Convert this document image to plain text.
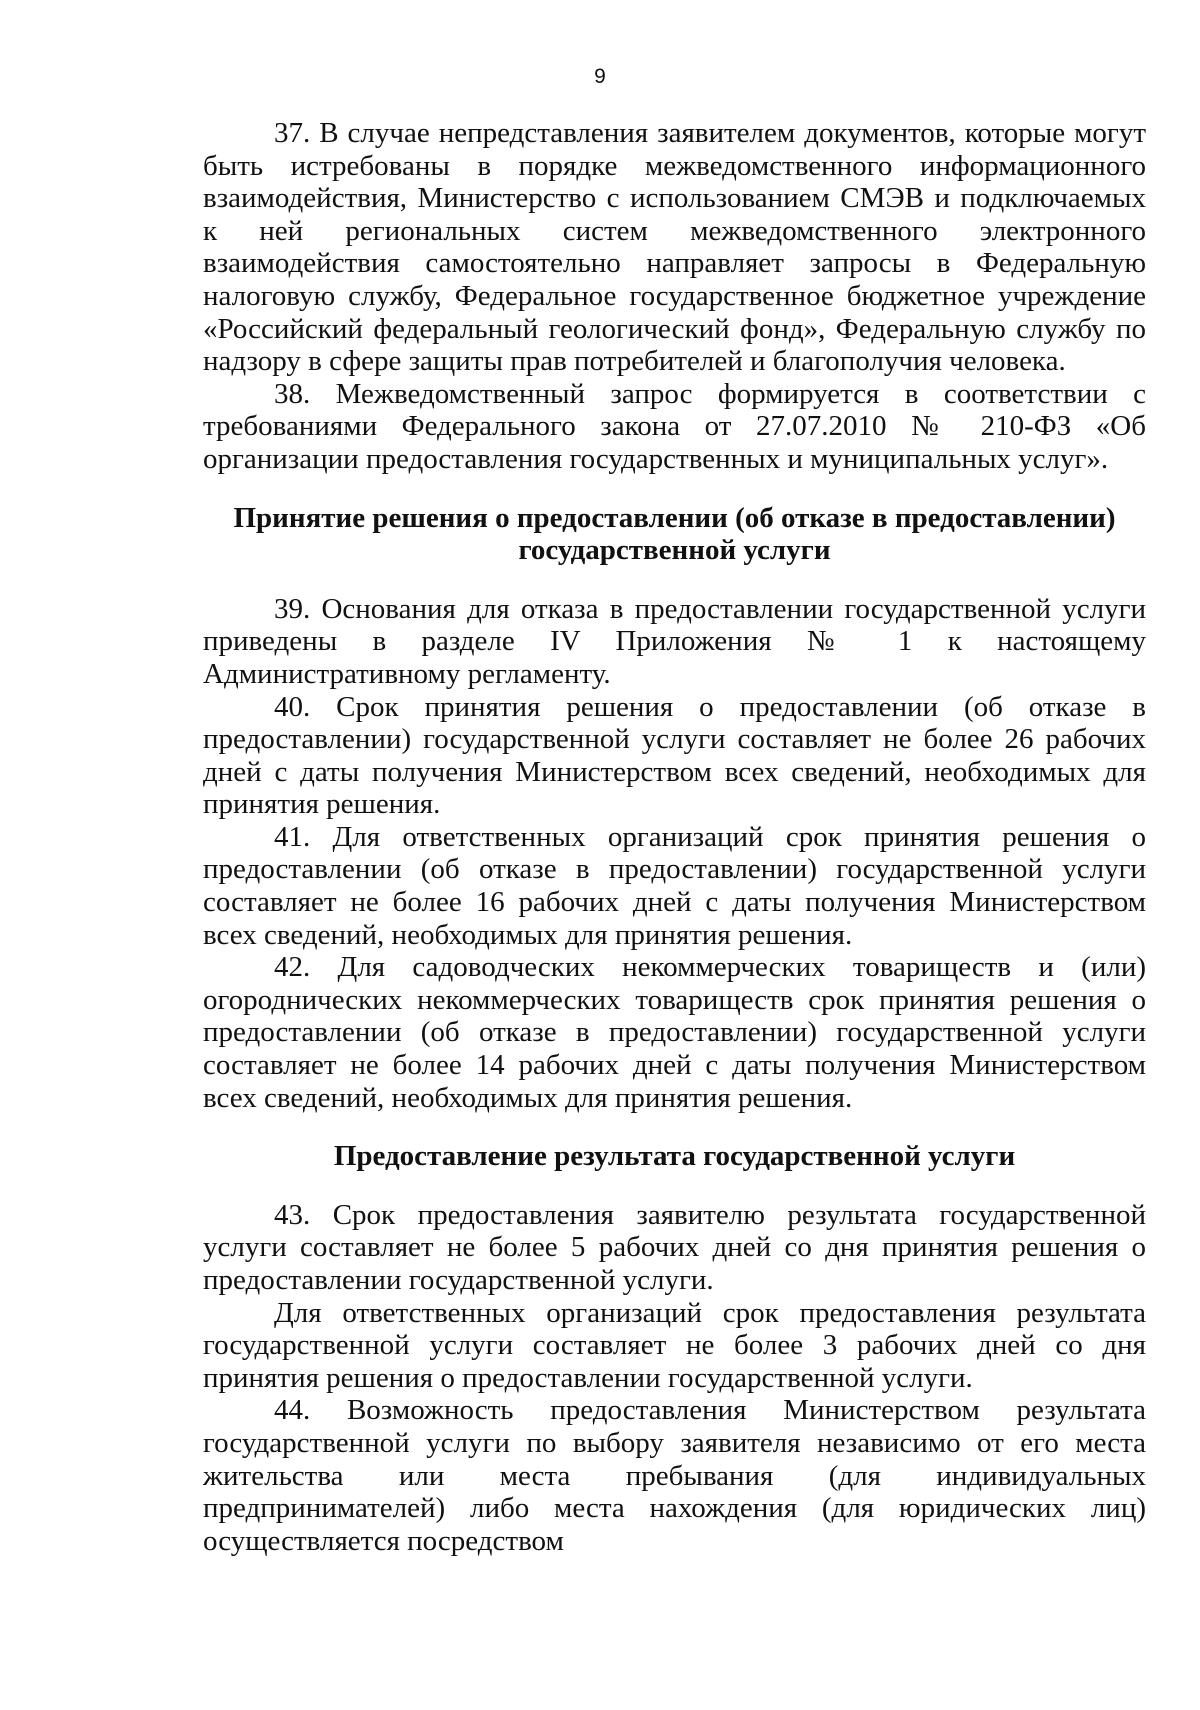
9

37. В случае непредставления заявителем документов, которые могут быть истребованы в порядке межведомственного информационного взаимодействия, Министерство с использованием СМЭВ и подключаемых к ней региональных систем межведомственного электронного взаимодействия самостоятельно направляет запросы в Федеральную налоговую службу, Федеральное государственное бюджетное учреждение «Российский федеральный геологический фонд», Федеральную службу по надзору в сфере защиты прав потребителей и благополучия человека.

38. Межведомственный запрос формируется в соответствии с требованиями Федерального закона от 27.07.2010 № 210-ФЗ «Об организации предоставления государственных и муниципальных услуг».

Принятие решения о предоставлении (об отказе в предоставлении) государственной услуги

39. Основания для отказа в предоставлении государственной услуги приведены в разделе IV Приложения № 1 к настоящему Административному регламенту.

40. Срок принятия решения о предоставлении (об отказе в предоставлении) государственной услуги составляет не более 26 рабочих дней с даты получения Министерством всех сведений, необходимых для принятия решения.

41. Для ответственных организаций срок принятия решения о предоставлении (об отказе в предоставлении) государственной услуги составляет не более 16 рабочих дней с даты получения Министерством всех сведений, необходимых для принятия решения.

42. Для садоводческих некоммерческих товариществ и (или) огороднических некоммерческих товариществ срок принятия решения о предоставлении (об отказе в предоставлении) государственной услуги составляет не более 14 рабочих дней с даты получения Министерством всех сведений, необходимых для принятия решения.

Предоставление результата государственной услуги

43. Срок предоставления заявителю результата государственной услуги составляет не более 5 рабочих дней со дня принятия решения о предоставлении государственной услуги.

Для ответственных организаций срок предоставления результата государственной услуги составляет не более 3 рабочих дней со дня принятия решения о предоставлении государственной услуги.

44. Возможность предоставления Министерством результата государственной услуги по выбору заявителя независимо от его места жительства или места пребывания (для индивидуальных предпринимателей) либо места нахождения (для юридических лиц) осуществляется посредством
